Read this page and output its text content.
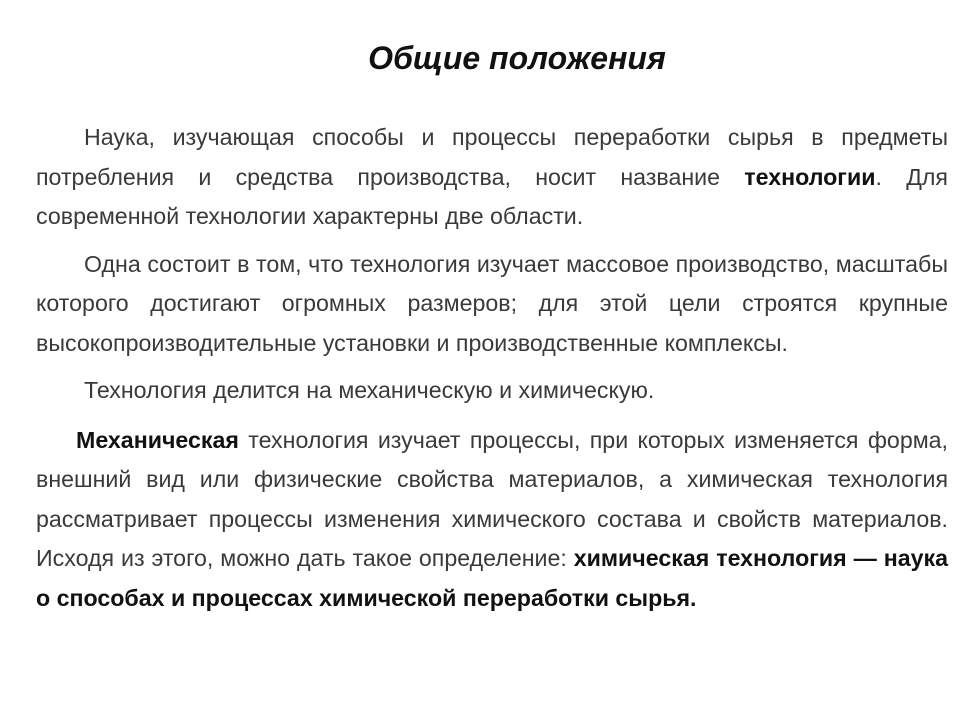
Общие положения

Наука, изучающая способы и процессы переработки сырья в предметы потребления и средства производства, носит название технологии. Для современной технологии характерны две области.

Одна состоит в том, что технология изучает массовое производство, масштабы которого достигают огромных размеров; для этой цели строятся крупные высокопроизводительные установки и производственные комплексы.

Технология делится на механическую и химическую.

Механическая технология изучает процессы, при которых изменяется форма, внешний вид или физические свойства материалов, а химическая технология рассматривает процессы изменения химического состава и свойств материалов. Исходя из этого, можно дать такое определение: химическая технология — наука о способах и процессах химической переработки сырья.
